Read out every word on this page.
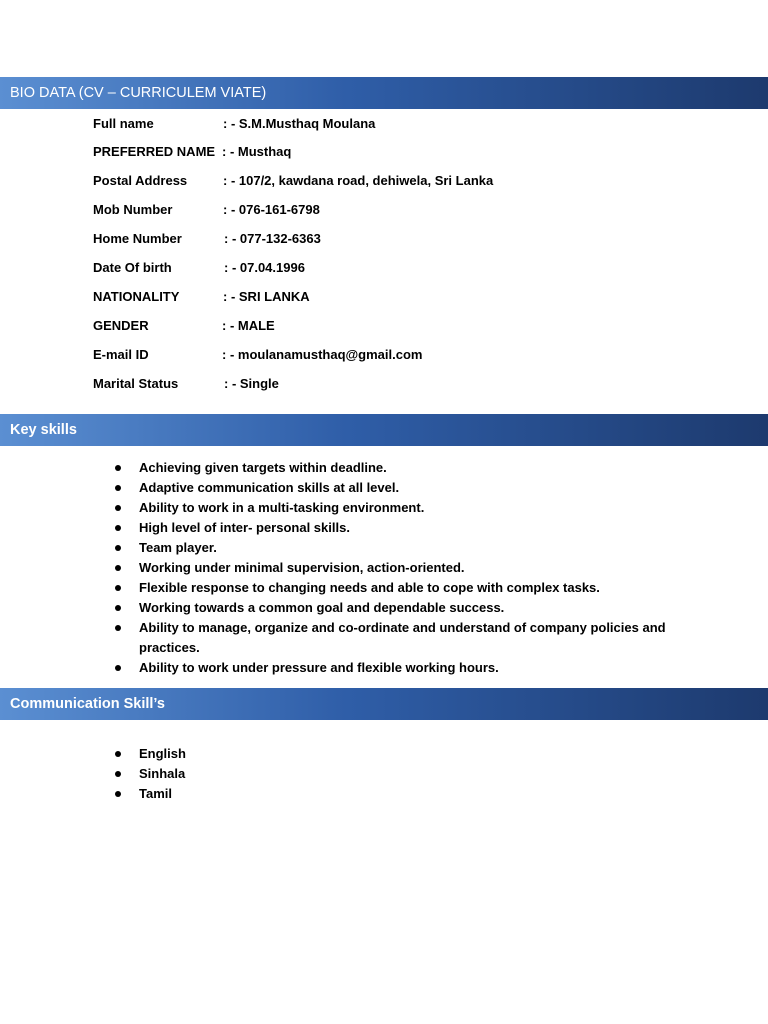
BIO DATA (CV – CURRICULEM VIATE)
Full name	: - S.M.Musthaq Moulana
PREFERRED NAME : - Musthaq
Postal Address	: - 107/2, kawdana road, dehiwela, Sri Lanka
Mob Number	: - 076-161-6798
Home Number	: - 077-132-6363
Date Of birth	: - 07.04.1996
NATIONALITY	: - SRI LANKA
GENDER	: - MALE
E-mail ID	: - moulanamusthaq@gmail.com
Marital Status	: - Single
Key skills
Achieving given targets within deadline.
Adaptive communication skills at all level.
Ability to work in a multi-tasking environment.
High level of inter- personal skills.
Team player.
Working under minimal supervision, action-oriented.
Flexible response to changing needs and able to cope with complex tasks.
Working towards a common goal and dependable success.
Ability to manage, organize and co-ordinate and understand of company policies and practices.
Ability to work under pressure and flexible working hours.
Communication Skill’s
English
Sinhala
Tamil
